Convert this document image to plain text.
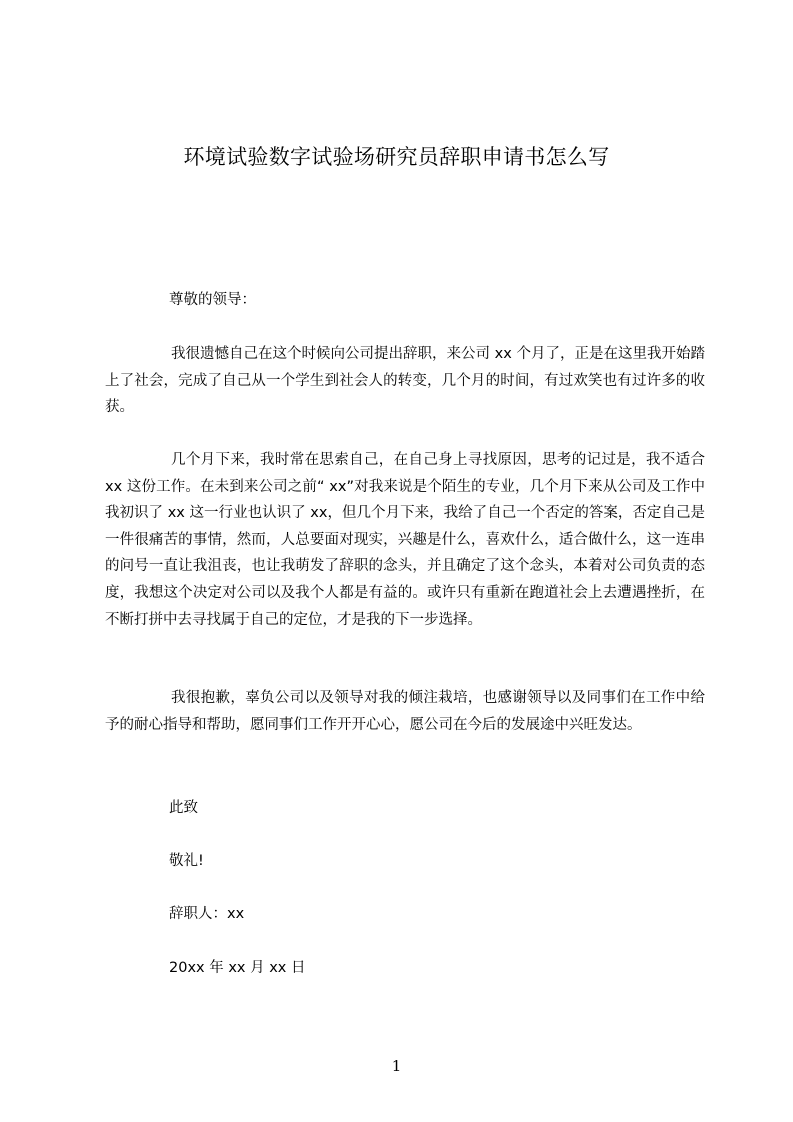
环境试验数字试验场研究员辞职申请书怎么写
尊敬的领导：

我很遗憾自己在这个时候向公司提出辞职，来公司 xx 个月了，正是在这里我开始踏上了社会，完成了自己从一个学生到社会人的转变，几个月的时间，有过欢笑也有过许多的收获。

几个月下来，我时常在思索自己，在自己身上寻找原因，思考的记过是，我不适合 xx 这份工作。在未到来公司之前“ xx”对我来说是个陌生的专业，几个月下来从公司及工作中我初识了 xx 这一行业也认识了 xx，但几个月下来，我给了自己一个否定的答案，否定自己是一件很痛苦的事情，然而，人总要面对现实，兴趣是什么，喜欢什么，适合做什么，这一连串的问号一直让我沮丧，也让我萌发了辞职的念头，并且确定了这个念头，本着对公司负责的态度，我想这个决定对公司以及我个人都是有益的。或许只有重新在跑道社会上去遭遇挫折，在不断打拼中去寻找属于自己的定位，才是我的下一步选择。

我很抱歉，辜负公司以及领导对我的倾注栽培，也感谢领导以及同事们在工作中给予的耐心指导和帮助，愿同事们工作开开心心，愿公司在今后的发展途中兴旺发达。

此致
敬礼!
辞职人：xx
20xx 年 xx 月 xx 日
1
